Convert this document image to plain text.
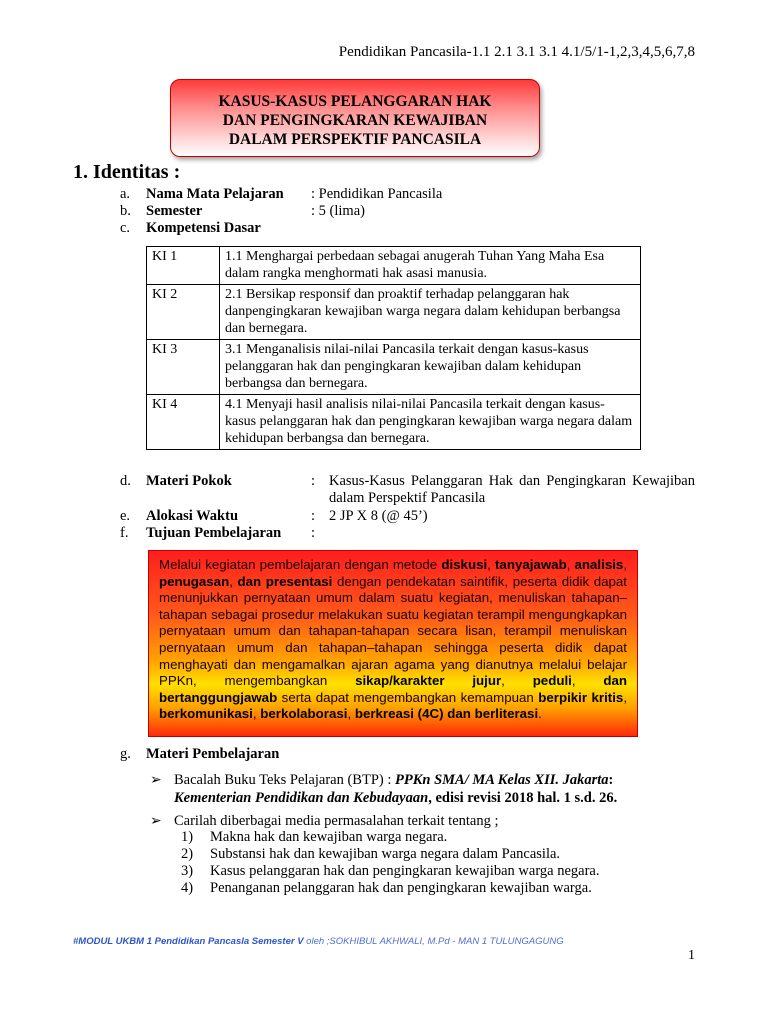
Pendidikan Pancasila-1.1 2.1 3.1 3.1 4.1/5/1-1,2,3,4,5,6,7,8
KASUS-KASUS PELANGGARAN HAK
DAN PENGINGKARAN KEWAJIBAN
DALAM PERSPEKTIF PANCASILA
1. Identitas :
a. Nama Mata Pelajaran : Pendidikan Pancasila
b. Semester	: 5 (lima)
c. Kompetensi Dasar
KI 1	1.1 Menghargai perbedaan sebagai anugerah Tuhan Yang Maha Esa dalam rangka menghormati hak asasi manusia.
KI 2	2.1 Bersikap responsif dan proaktif terhadap pelanggaran hak danpengingkaran kewajiban warga negara dalam kehidupan berbangsa dan bernegara.
KI 3	3.1 Menganalisis nilai-nilai Pancasila terkait dengan kasus-kasus pelanggaran hak dan pengingkaran kewajiban dalam kehidupan berbangsa dan bernegara.
KI 4	4.1 Menyaji hasil analisis nilai-nilai Pancasila terkait dengan kasus-kasus pelanggaran hak dan pengingkaran kewajiban warga negara dalam kehidupan berbangsa dan bernegara.
d. Materi Pokok	: Kasus-Kasus Pelanggaran Hak dan Pengingkaran Kewajiban dalam Perspektif Pancasila
e. Alokasi Waktu	: 2 JP X 8 (@ 45’)
f. Tujuan Pembelajaran :
Melalui kegiatan pembelajaran dengan metode diskusi, tanyajawab, analisis, penugasan, dan presentasi dengan pendekatan saintifik, peserta didik dapat menunjukkan pernyataan umum dalam suatu kegiatan, menuliskan tahapan–tahapan sebagai prosedur melakukan suatu kegiatan terampil mengungkapkan pernyataan umum dan tahapan-tahapan secara lisan, terampil menuliskan pernyataan umum dan tahapan–tahapan sehingga peserta didik dapat menghayati dan mengamalkan ajaran agama yang dianutnya melalui belajar PPKn, mengembangkan sikap/karakter jujur, peduli, dan bertanggungjawab serta dapat mengembangkan kemampuan berpikir kritis, berkomunikasi, berkolaborasi, berkreasi (4C) dan berliterasi.
g. Materi Pembelajaran
➢ Bacalah Buku Teks Pelajaran (BTP) : PPKn SMA/ MA Kelas XII. Jakarta:
Kementerian Pendidikan dan Kebudayaan, edisi revisi 2018 hal. 1 s.d. 26.
➢ Carilah diberbagai media permasalahan terkait tentang ;
1) Makna hak dan kewajiban warga negara.
2) Substansi hak dan kewajiban warga negara dalam Pancasila.
3) Kasus pelanggaran hak dan pengingkaran kewajiban warga negara.
4) Penanganan pelanggaran hak dan pengingkaran kewajiban warga.
#MODUL UKBM 1 Pendidikan Pancasla Semester V oleh ;SOKHIBUL AKHWALI, M.Pd - MAN 1 TULUNGAGUNG
1
